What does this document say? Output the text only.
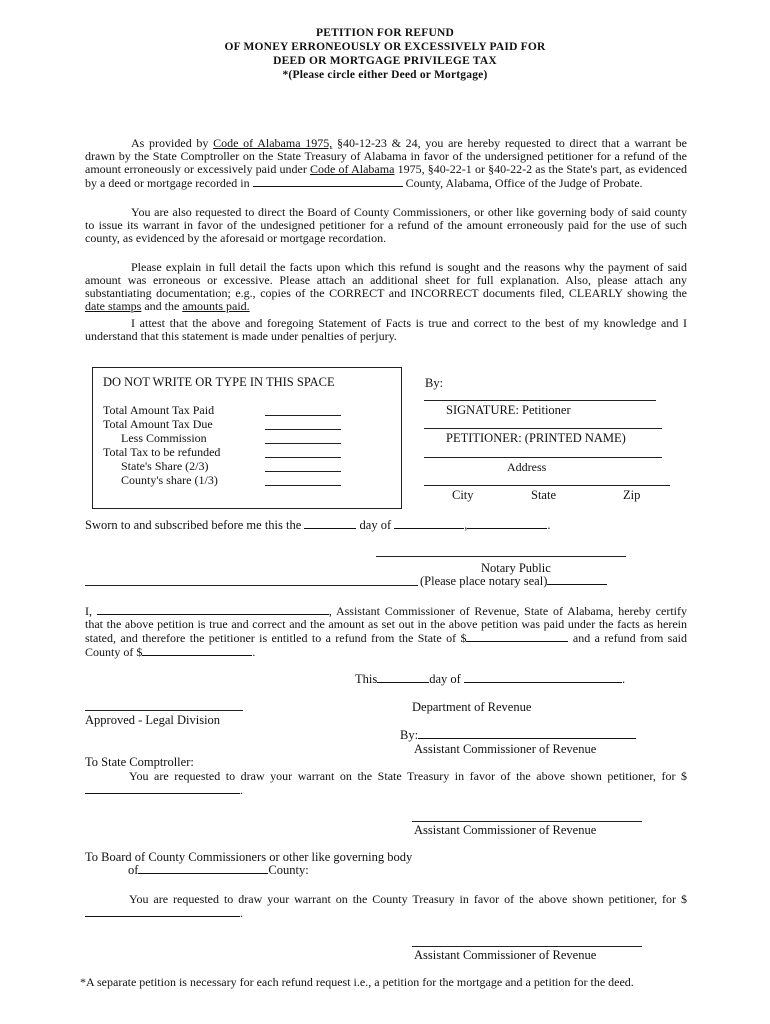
PETITION FOR REFUND
OF MONEY ERRONEOUSLY OR EXCESSIVELY PAID FOR
DEED OR MORTGAGE PRIVILEGE TAX
*(Please circle either Deed or Mortgage)
As provided by Code of Alabama 1975, §40-12-23 & 24, you are hereby requested to direct that a warrant be drawn by the State Comptroller on the State Treasury of Alabama in favor of the undersigned petitioner for a refund of the amount erroneously or excessively paid under Code of Alabama 1975, §40-22-1 or §40-22-2 as the State's part, as evidenced by a deed or mortgage recorded in	County, Alabama, Office of the Judge of Probate.
You are also requested to direct the Board of County Commissioners, or other like governing body of said county to issue its warrant in favor of the undesigned petitioner for a refund of the amount erroneously paid for the use of such county, as evidenced by the aforesaid or mortgage recordation.
Please explain in full detail the facts upon which this refund is sought and the reasons why the payment of said amount was erroneous or excessive. Please attach an additional sheet for full explanation. Also, please attach any substantiating documentation; e.g., copies of the CORRECT and INCORRECT documents filed, CLEARLY showing the date stamps and the amounts paid.
I attest that the above and foregoing Statement of Facts is true and correct to the best of my knowledge and I understand that this statement is made under penalties of perjury.
DO NOT WRITE OR TYPE IN THIS SPACE
Total Amount Tax Paid
Total Amount Tax Due
Less Commission
Total Tax to be refunded
State's Share (2/3)
County's share (1/3)
By:
SIGNATURE: Petitioner
PETITIONER: (PRINTED NAME)
Address
City	State	Zip
Sworn to and subscribed before me this the	day of	,	.
Notary Public
(Please place notary seal)
I,	, Assistant Commissioner of Revenue, State of Alabama, hereby certify that the above petition is true and correct and the amount as set out in the above petition was paid under the facts as herein stated, and therefore the petitioner is entitled to a refund from the State of $	and a refund from said County of $	.
This	day of	.
Department of Revenue
Approved - Legal Division
By:
Assistant Commissioner of Revenue
To State Comptroller:
You are requested to draw your warrant on the State Treasury in favor of the above shown petitioner, for $.
Assistant Commissioner of Revenue
To Board of County Commissioners or other like governing body
of	County:
You are requested to draw your warrant on the County Treasury in favor of the above shown petitioner, for $.
Assistant Commissioner of Revenue
*A separate petition is necessary for each refund request i.e., a petition for the mortgage and a petition for the deed.
